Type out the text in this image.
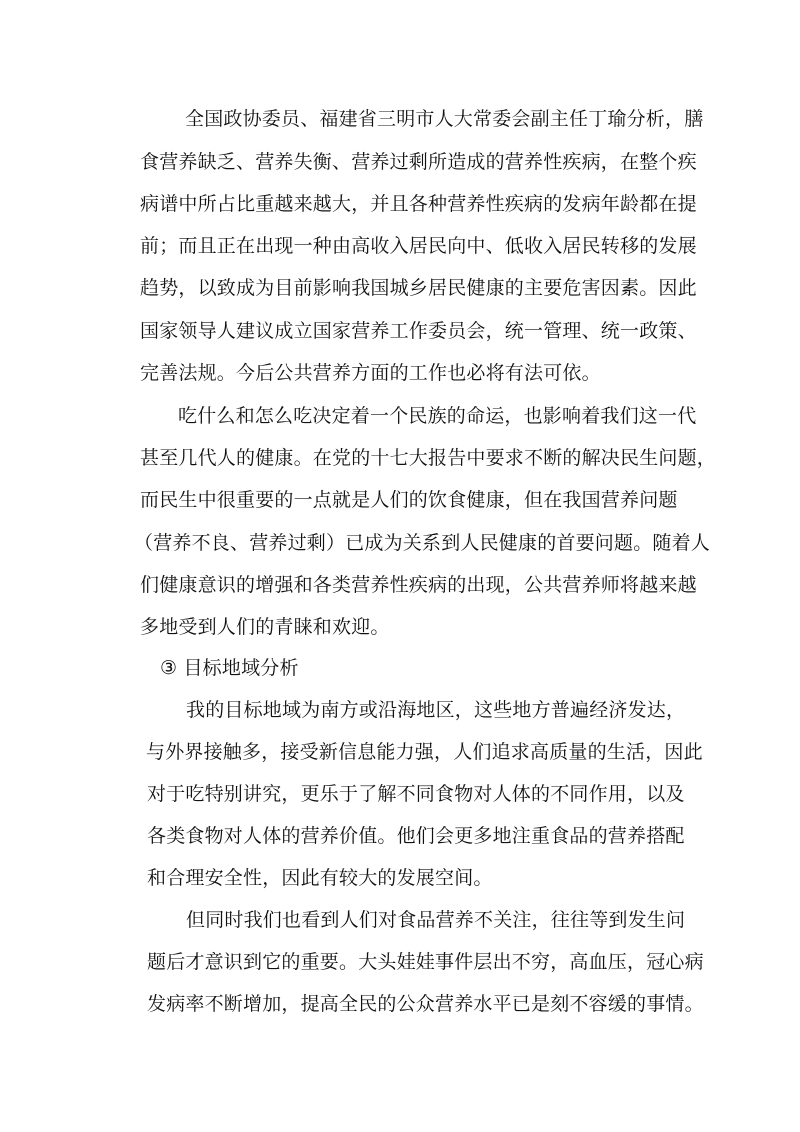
全国政协委员、福建省三明市人大常委会副主任丁瑜分析，膳
食营养缺乏、营养失衡、营养过剩所造成的营养性疾病，在整个疾
病谱中所占比重越来越大，并且各种营养性疾病的发病年龄都在提
前；而且正在出现一种由高收入居民向中、低收入居民转移的发展
趋势，以致成为目前影响我国城乡居民健康的主要危害因素。因此
国家领导人建议成立国家营养工作委员会，统一管理、统一政策、
完善法规。今后公共营养方面的工作也必将有法可依。
吃什么和怎么吃决定着一个民族的命运，也影响着我们这一代
甚至几代人的健康。在党的十七大报告中要求不断的解决民生问题，
而民生中很重要的一点就是人们的饮食健康，但在我国营养问题
（营养不良、营养过剩）已成为关系到人民健康的首要问题。随着人
们健康意识的增强和各类营养性疾病的出现，公共营养师将越来越
多地受到人们的青睐和欢迎。
③ 目标地域分析
我的目标地域为南方或沿海地区，这些地方普遍经济发达，
与外界接触多，接受新信息能力强，人们追求高质量的生活，因此
对于吃特别讲究，更乐于了解不同食物对人体的不同作用，以及
各类食物对人体的营养价值。他们会更多地注重食品的营养搭配
和合理安全性，因此有较大的发展空间。
但同时我们也看到人们对食品营养不关注，往往等到发生问
题后才意识到它的重要。大头娃娃事件层出不穷，高血压，冠心病
发病率不断增加，提高全民的公众营养水平已是刻不容缓的事情。
